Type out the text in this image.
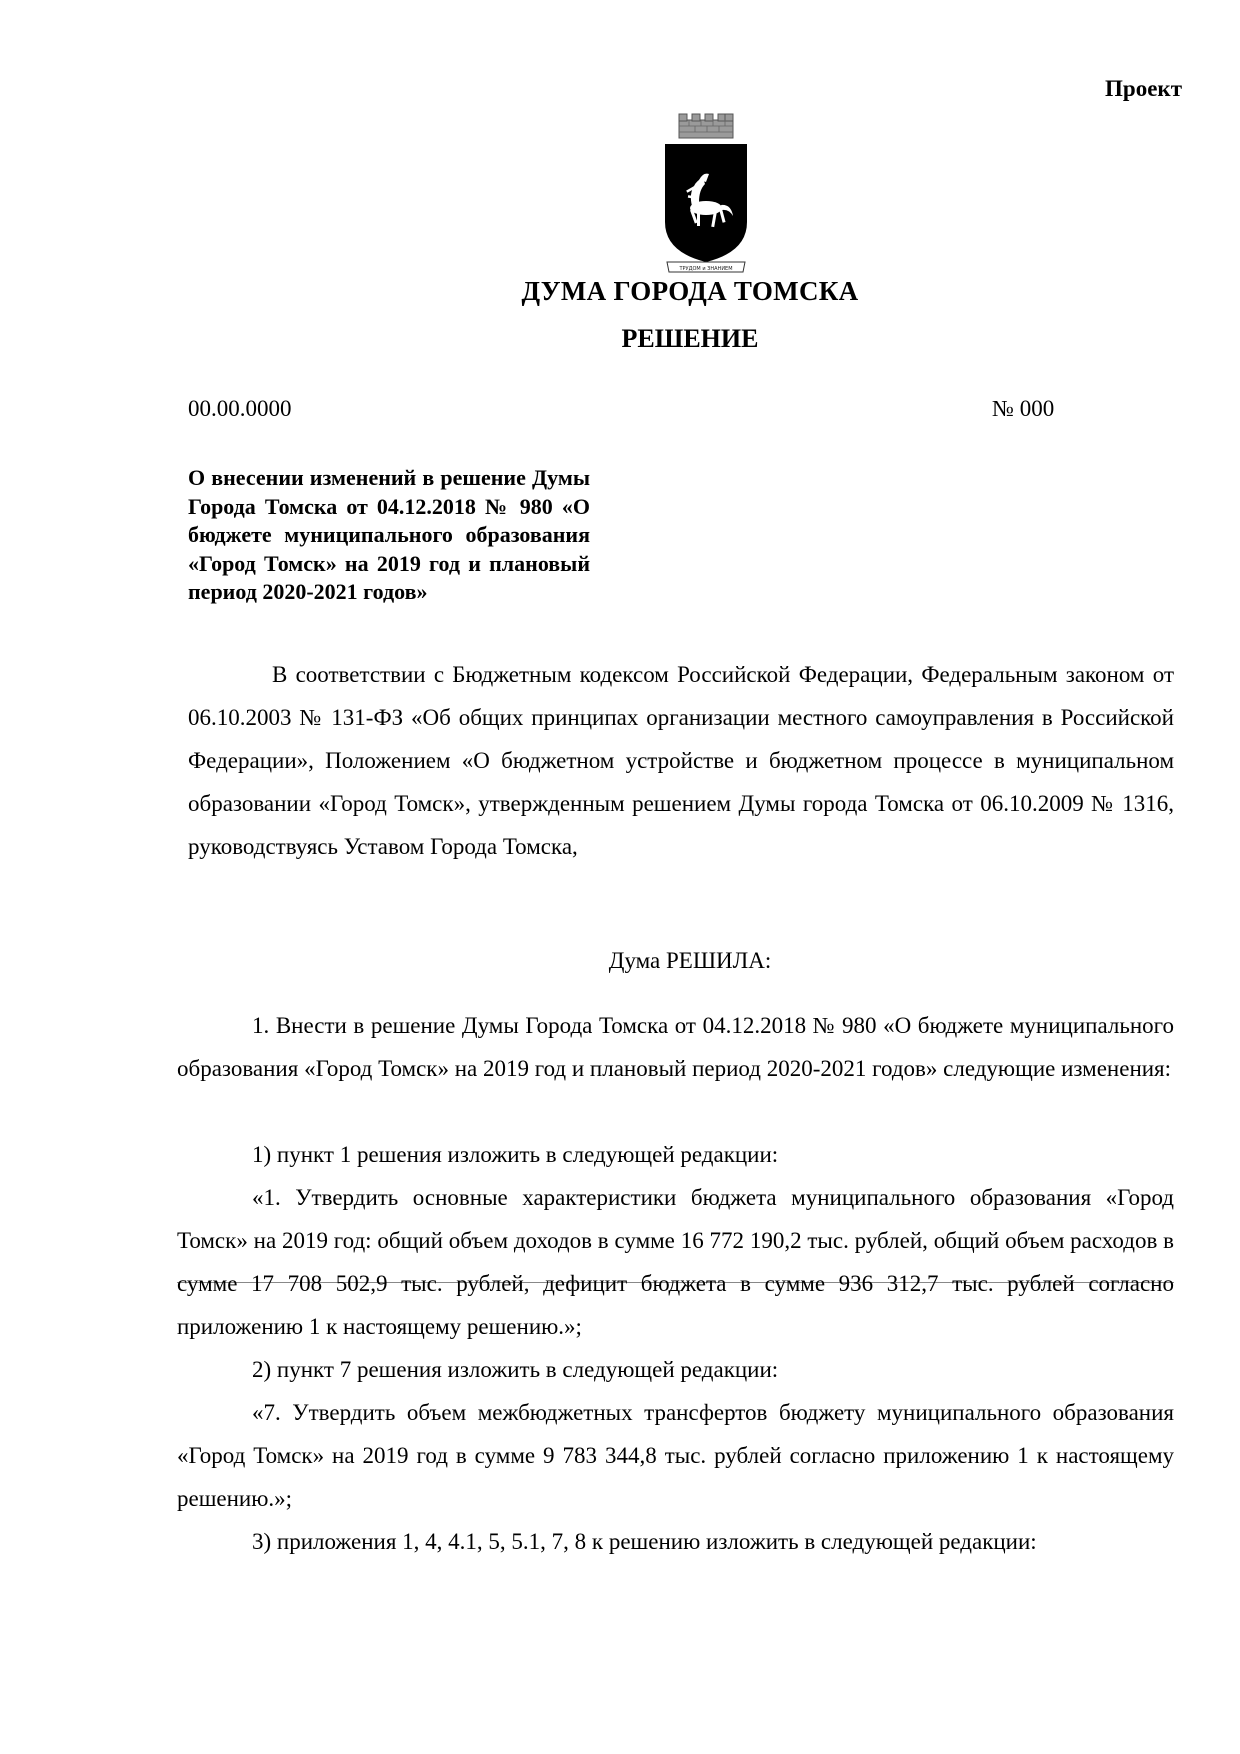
Проект
ТРУДОМ и ЗНАНИЕМ
ДУМА ГОРОДА ТОМСКА
РЕШЕНИЕ
00.00.0000	№ 000
О внесении изменений в решение Думы Города Томска от 04.12.2018 № 980 «О бюджете муниципального образования «Город Томск» на 2019 год и плановый период 2020-2021 годов»
В соответствии с Бюджетным кодексом Российской Федерации, Федеральным законом от 06.10.2003 № 131-ФЗ «Об общих принципах организации местного самоуправления в Российской Федерации», Положением «О бюджетном устройстве и бюджетном процессе в муниципальном образовании «Город Томск», утвержденным решением Думы города Томска от 06.10.2009 № 1316, руководствуясь Уставом Города Томска,
Дума РЕШИЛА:
1. Внести в решение Думы Города Томска от 04.12.2018 № 980 «О бюджете муниципального образования «Город Томск» на 2019 год и плановый период 2020-2021 годов» следующие изменения:
1) пункт 1 решения изложить в следующей редакции:
«1. Утвердить основные характеристики бюджета муниципального образования «Город Томск» на 2019 год: общий объем доходов в сумме 16 772 190,2 тыс. рублей, общий объем расходов в сумме 17 708 502,9 тыс. рублей, дефицит бюджета в сумме 936 312,7 тыс. рублей согласно приложению 1 к настоящему решению.»;
2) пункт 7 решения изложить в следующей редакции:
«7. Утвердить объем межбюджетных трансфертов бюджету муниципального образования «Город Томск» на 2019 год в сумме 9 783 344,8 тыс. рублей согласно приложению 1 к настоящему решению.»;
3) приложения 1, 4, 4.1, 5, 5.1, 7, 8 к решению изложить в следующей редакции:
